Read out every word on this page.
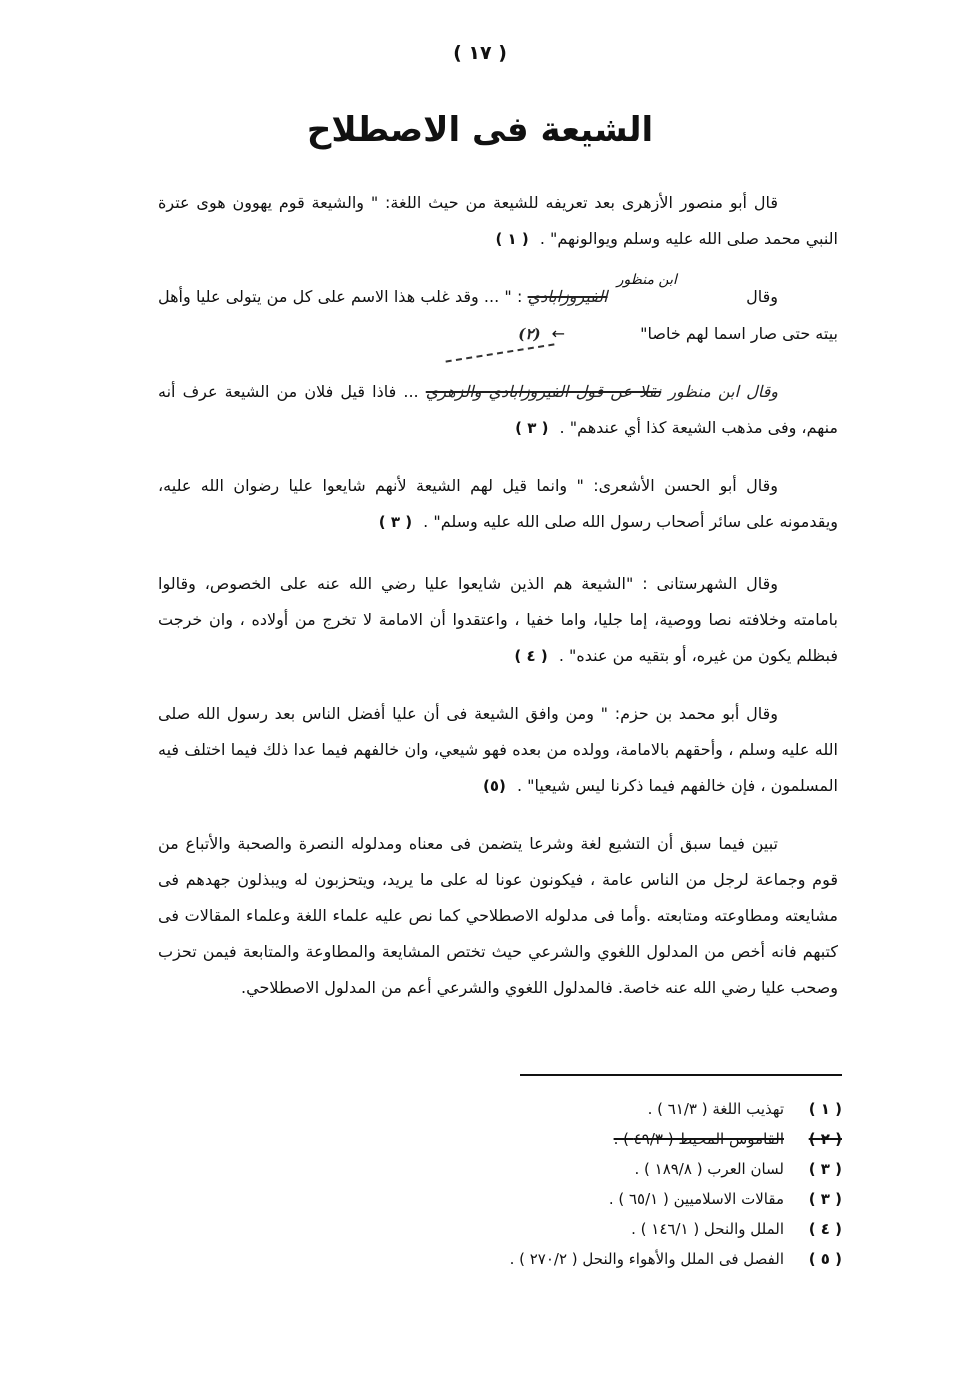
( ١٧ )
الشيعة فى الاصطلاح

قال أبو منصور الأزهرى بعد تعريفه للشيعة من حيث اللغة: " والشيعة قوم يهوون هوى عترة النبي محمد صلى الله عليه وسلم ويوالونهم" . ( ١ )

وقال ابن منظور الفيروزابادي : " ... وقد غلب هذا الاسم على كل من يتولى عليا وأهل بيته حتى صار اسما لهم خاصا" ← (٢)

وقال ابن منظور نقلا عن قول الفيروزابادي والزهري ... فاذا قيل فلان من الشيعة عرف أنه منهم، وفى مذهب الشيعة كذا أي عندهم" . ( ٣ )

وقال أبو الحسن الأشعرى: " وانما قيل لهم الشيعة لأنهم شايعوا عليا رضوان الله عليه، ويقدمونه على سائر أصحاب رسول الله صلى الله عليه وسلم" . ( ٣ )

وقال الشهرستانى : "الشيعة هم الذين شايعوا عليا رضي الله عنه على الخصوص، وقالوا بامامته وخلافته نصا ووصية، إما جليا، واما خفيا ، واعتقدوا أن الامامة لا تخرج من أولاده ، وان خرجت فبظلم يكون من غيره، أو بتقيه من عنده" . ( ٤ )

وقال أبو محمد بن حزم: " ومن وافق الشيعة فى أن عليا أفضل الناس بعد رسول الله صلى الله عليه وسلم ، وأحقهم بالامامة، وولده من بعده فهو شيعي، وان خالفهم فيما عدا ذلك فيما اختلف فيه المسلمون ، فإن خالفهم فيما ذكرنا ليس شيعيا" . (٥)

تبين فيما سبق أن التشيع لغة وشرعا يتضمن فى معناه ومدلوله النصرة والصحبة والأتباع من قوم وجماعة لرجل من الناس عامة ، فيكونون عونا له على ما يريد، ويتحزبون له ويبذلون جهدهم فى مشايعته ومطاوعته ومتابعته .وأما فى مدلوله الاصطلاحي كما نص عليه علماء اللغة وعلماء المقالات فى كتبهم فانه أخص من المدلول اللغوي والشرعي حيث تختص المشايعة والمطاوعة والمتابعة فيمن تحزب وصحب عليا رضي الله عنه خاصة. فالمدلول اللغوي والشرعي أعم من المدلول الاصطلاحي.

( ١ )
تهذيب اللغة ( ٦١/٣ ) .
( ٢ )
القاموس المحيط ( ٤٩/٣ ) .
( ٣ )
لسان العرب ( ١٨٩/٨ ) .
( ٣ )
مقالات الاسلاميين ( ٦٥/١ ) .
( ٤ )
الملل والنحل ( ١٤٦/١ ) .
( ٥ )
الفصل فى الملل والأهواء والنحل ( ٢٧٠/٢ ) .
